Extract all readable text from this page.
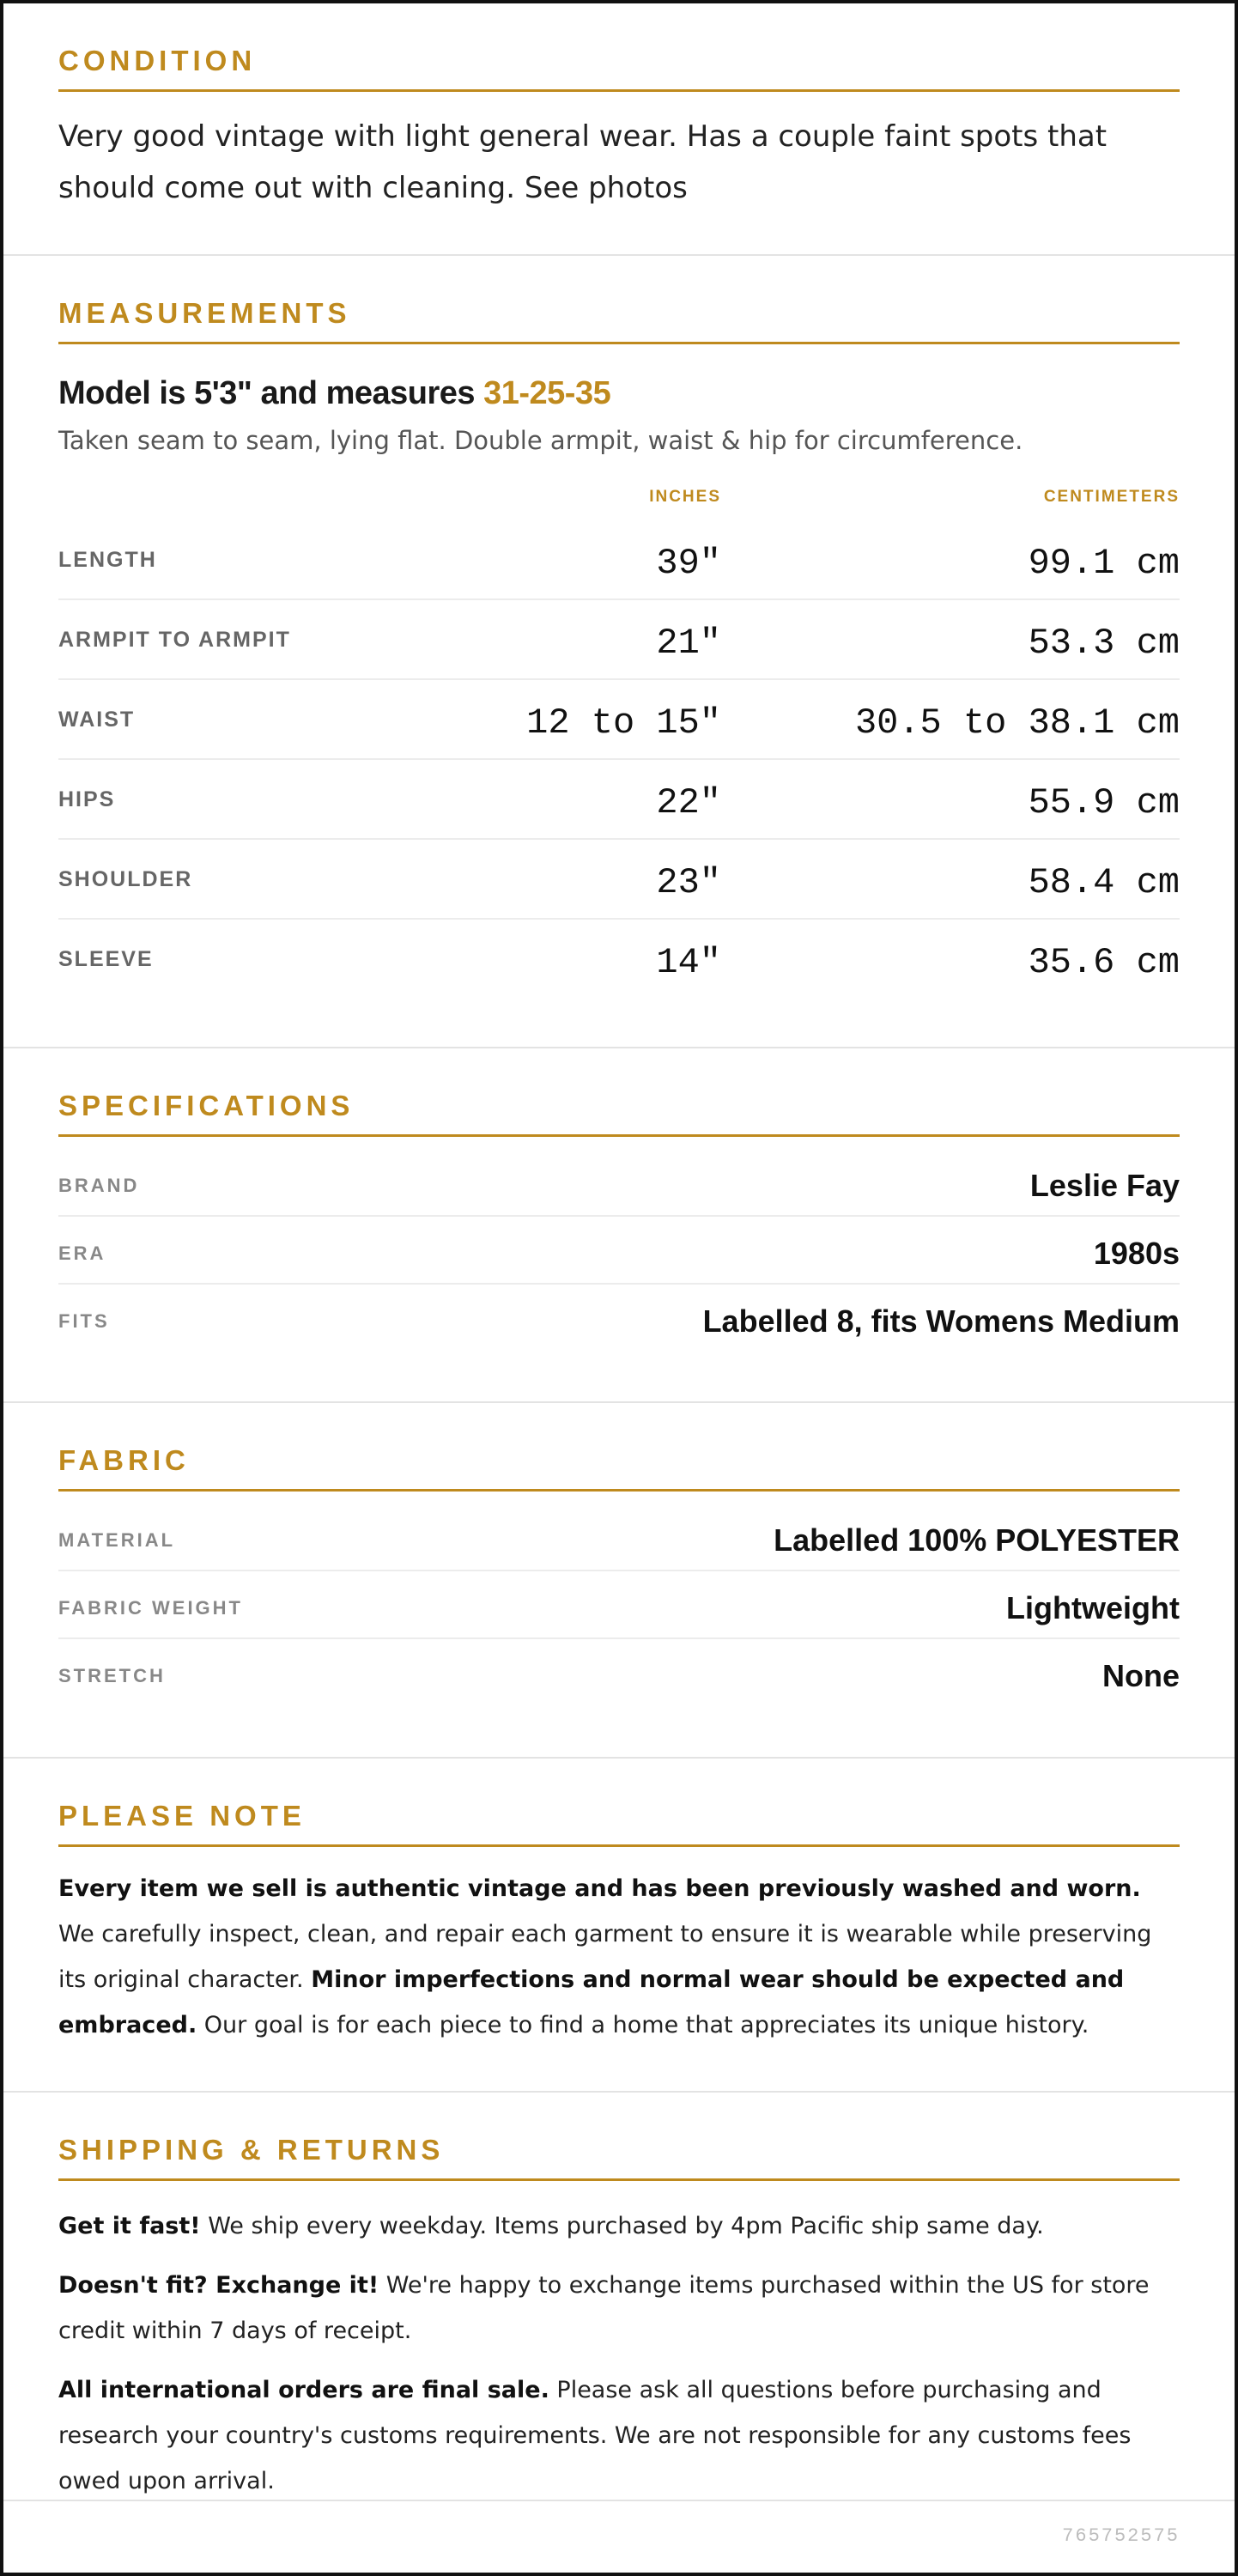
CONDITION

Very good vintage with light general wear. Has a couple faint spots that should come out with cleaning. See photos

MEASUREMENTS
Model is 5'3" and measures 31-25-35

Taken seam to seam, lying flat. Double armpit, waist & hip for circumference.

INCHES	CENTIMETERS
LENGTH	39"	99.1 cm
ARMPIT TO ARMPIT	21"	53.3 cm
WAIST	12 to 15"	30.5 to 38.1 cm
HIPS	22"	55.9 cm
SHOULDER	23"	58.4 cm
SLEEVE	14"	35.6 cm
SPECIFICATIONS
BRAND	Leslie Fay
ERA	1980s
FITS	Labelled 8, fits Womens Medium
FABRIC
MATERIAL	Labelled 100% POLYESTER
FABRIC WEIGHT	Lightweight
STRETCH	None
PLEASE NOTE

Every item we sell is authentic vintage and has been previously washed and worn. We carefully inspect, clean, and repair each garment to ensure it is wearable while preserving its original character. Minor imperfections and normal wear should be expected and embraced. Our goal is for each piece to find a home that appreciates its unique history.

SHIPPING & RETURNS

Get it fast! We ship every weekday. Items purchased by 4pm Pacific ship same day.

Doesn't fit? Exchange it! We're happy to exchange items purchased within the US for store credit within 7 days of receipt.

All international orders are final sale. Please ask all questions before purchasing and research your country's customs requirements. We are not responsible for any customs fees owed upon arrival.

765752575
